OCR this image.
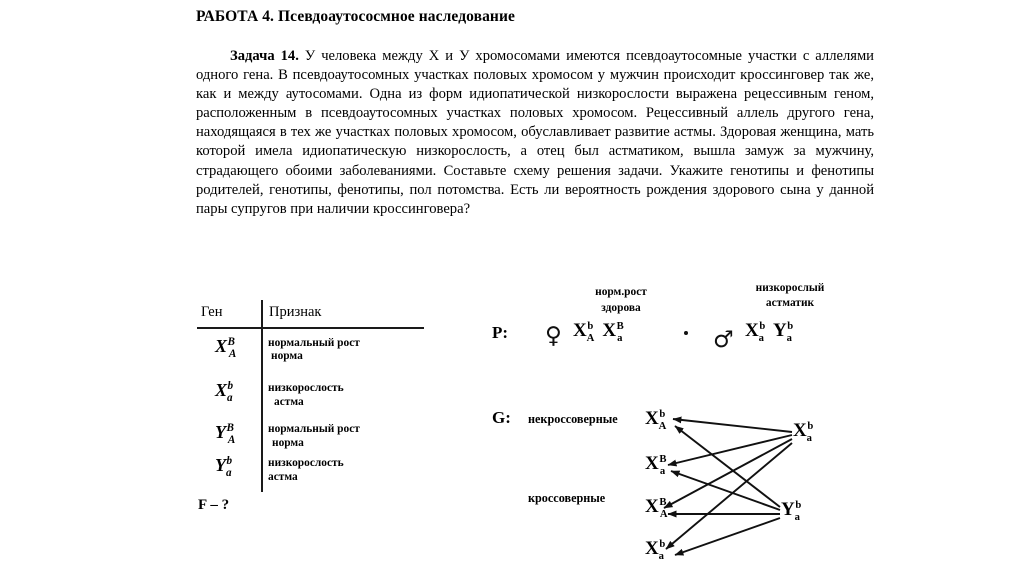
РАБОТА 4. Псевдоаутососмное наследование
Задача 14. У человека между Х и У хромосомами имеются псевдоаутосомные участки с аллелями одного гена. В псевдоаутосомных участках половых хромосом у мужчин происходит кроссинговер так же, как и между аутосомами. Одна из форм идиопатической низкорослости выражена рецессивным геном, расположенным в псевдоаутосомных участках половых хромосом. Рецессивный аллель другого гена, находящаяся в тех же участках половых хромосом, обуславливает развитие астмы. Здоровая женщина, мать которой имела идиопатическую низкорослость, а отец был астматиком, вышла замуж за мужчину, страдающего обоими заболеваниями. Составьте схему решения задачи. Укажите генотипы и фенотипы родителей, генотипы, фенотипы, пол потомства. Есть ли вероятность рождения здорового сына у данной пары супругов при наличии кроссинговера?
Ген	Признак
$X^B_A$
нормальный рост
норма
$X^b_a$
низкорослость
астма
$Y^B_A$
нормальный рост
норма
$Y^b_a$
низкорослость
астма
F – ?
P:
норм.рост
здорова
♀ $X^b_A$ $X^B_a$
низкорослый
астматик
♂ $X^b_a$ $Y^b_a$
G: некроссоверные
кроссоверные
$X^b_A$
$X^B_a$
$X^B_A$
$X^b_a$
$X^b_a$
$Y^b_a$
